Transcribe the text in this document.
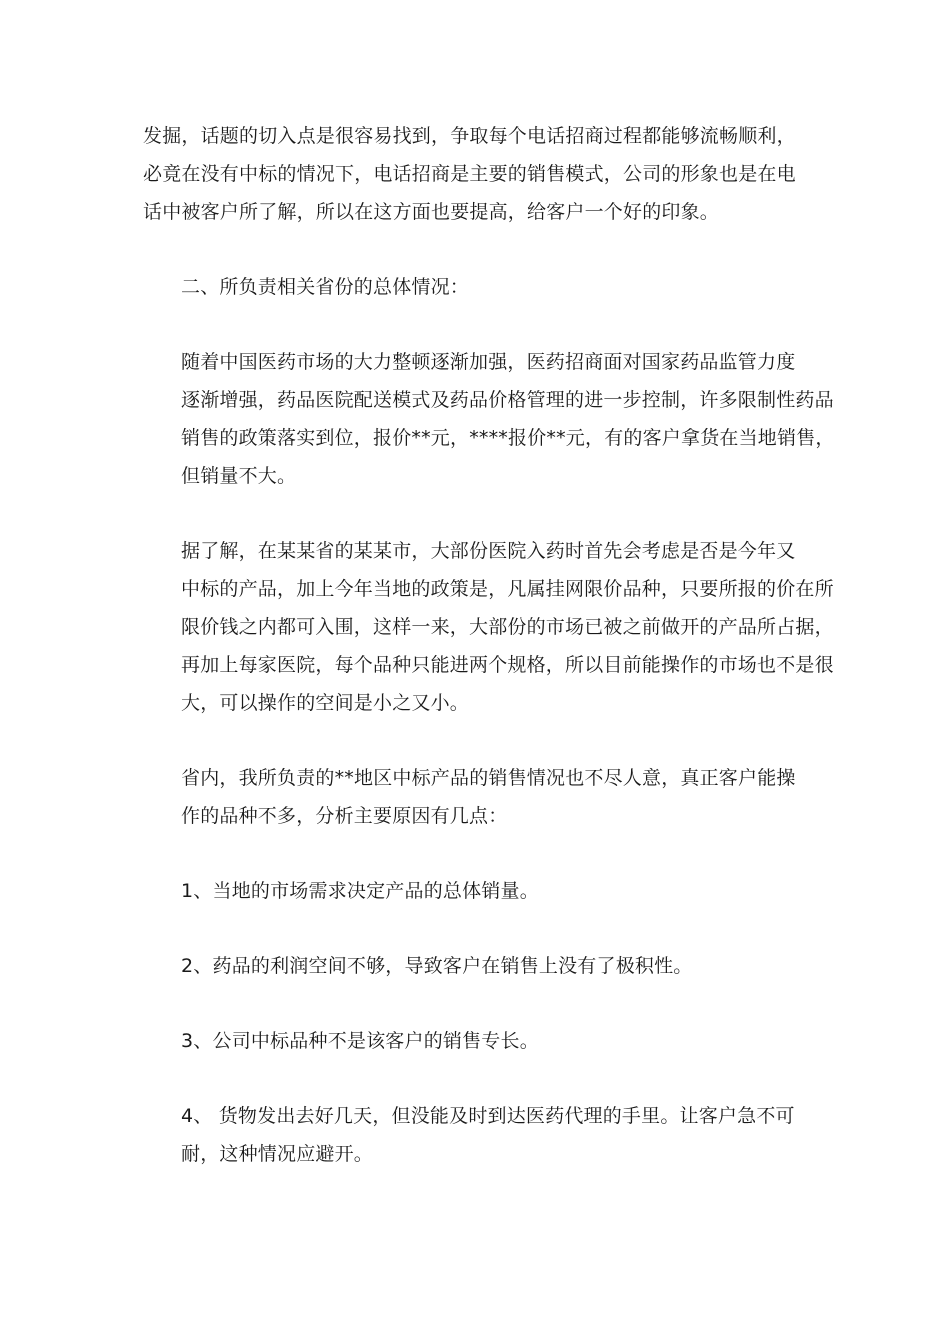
发掘，话题的切入点是很容易找到，争取每个电话招商过程都能够流畅顺利，
必竟在没有中标的情况下，电话招商是主要的销售模式，公司的形象也是在电
话中被客户所了解，所以在这方面也要提高，给客户一个好的印象。

二、所负责相关省份的总体情况：

随着中国医药市场的大力整顿逐渐加强，医药招商面对国家药品监管力度
逐渐增强，药品医院配送模式及药品价格管理的进一步控制，许多限制性药品
销售的政策落实到位，报价**元，****报价**元，有的客户拿货在当地销售，
但销量不大。

据了解，在某某省的某某市，大部份医院入药时首先会考虑是否是今年又
中标的产品，加上今年当地的政策是，凡属挂网限价品种，只要所报的价在所
限价钱之内都可入围，这样一来，大部份的市场已被之前做开的产品所占据，
再加上每家医院，每个品种只能进两个规格，所以目前能操作的市场也不是很
大，可以操作的空间是小之又小。

省内，我所负责的**地区中标产品的销售情况也不尽人意，真正客户能操
作的品种不多，分析主要原因有几点：

1、当地的市场需求决定产品的总体销量。

2、药品的利润空间不够，导致客户在销售上没有了极积性。

3、公司中标品种不是该客户的销售专长。

4、 货物发出去好几天，但没能及时到达医药代理的手里。让客户急不可
耐，这种情况应避开。
